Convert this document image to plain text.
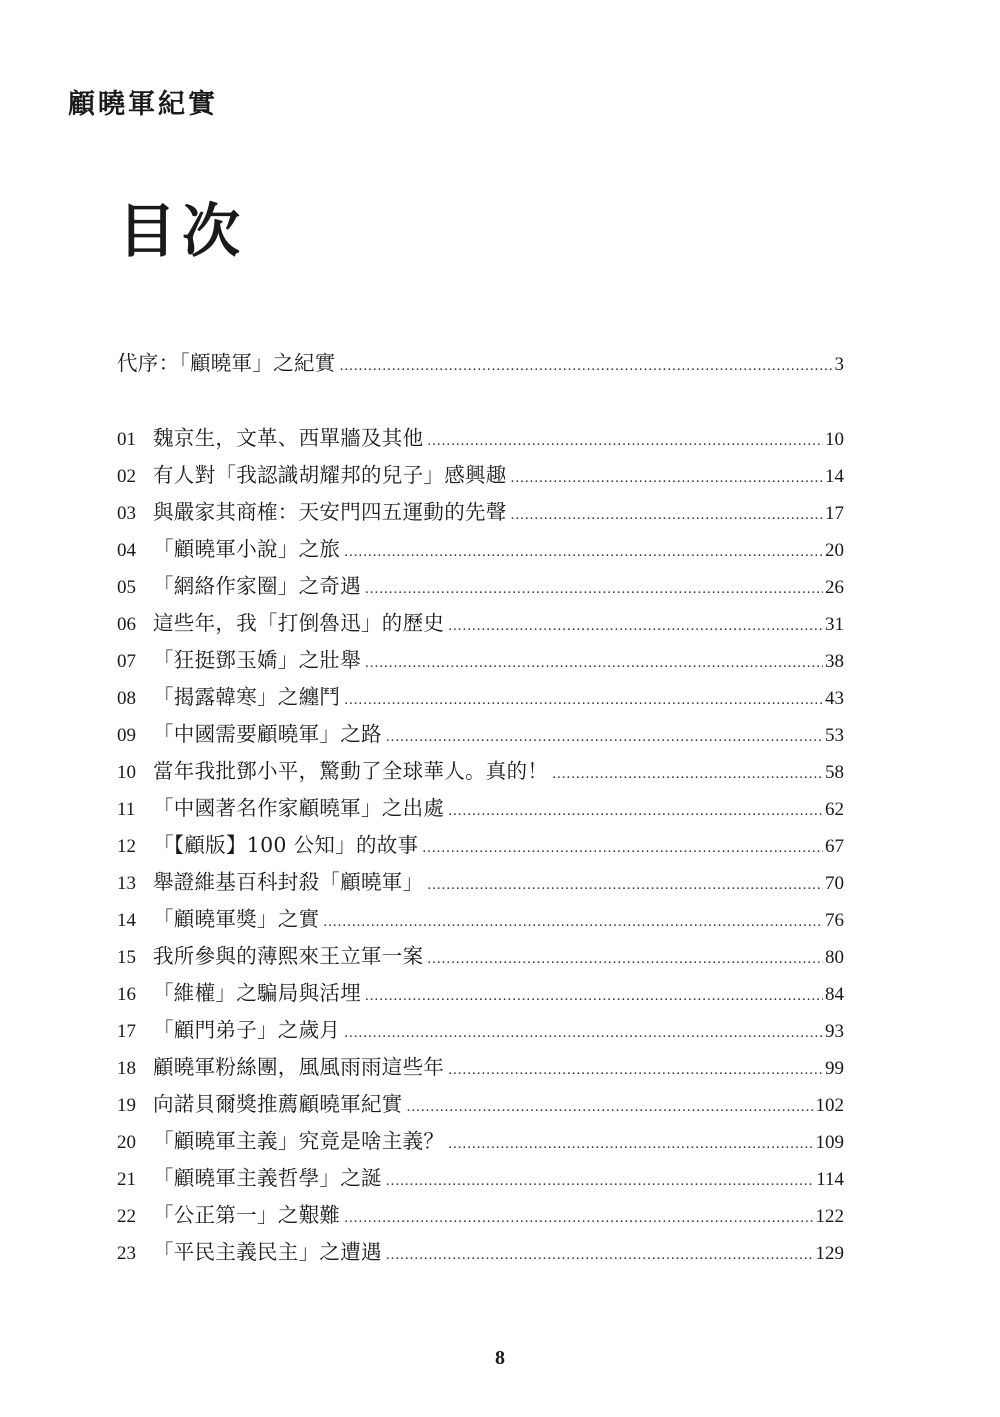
顧曉軍紀實
目次
代序：「顧曉軍」之紀實 .....	3
01 魏京生，文革、西單牆及其他 .....	10
02 有人對「我認識胡耀邦的兒子」感興趣 .....	14
03 與嚴家其商榷：天安門四五運動的先聲 .....	17
04 「顧曉軍小說」之旅 .....	20
05 「網絡作家圈」之奇遇 .....	26
06 這些年，我「打倒魯迅」的歷史 .....	31
07 「狂挺鄧玉嬌」之壯舉 .....	38
08 「揭露韓寒」之纏鬥 .....	43
09 「中國需要顧曉軍」之路 .....	53
10 當年我批鄧小平，驚動了全球華人。真的！ .....	58
11 「中國著名作家顧曉軍」之出處 .....	62
12 「【顧版】100 公知」的故事 .....	67
13 舉證維基百科封殺「顧曉軍」 .....	70
14 「顧曉軍獎」之實 .....	76
15 我所參與的薄熙來王立軍一案 .....	80
16 「維權」之騙局與活埋 .....	84
17 「顧門弟子」之歲月 .....	93
18 顧曉軍粉絲團，風風雨雨這些年 .....	99
19 向諾貝爾獎推薦顧曉軍紀實 .....	102
20 「顧曉軍主義」究竟是啥主義？ .....	109
21 「顧曉軍主義哲學」之誕 .....	114
22 「公正第一」之艱難 .....	122
23 「平民主義民主」之遭遇 .....	129
8
